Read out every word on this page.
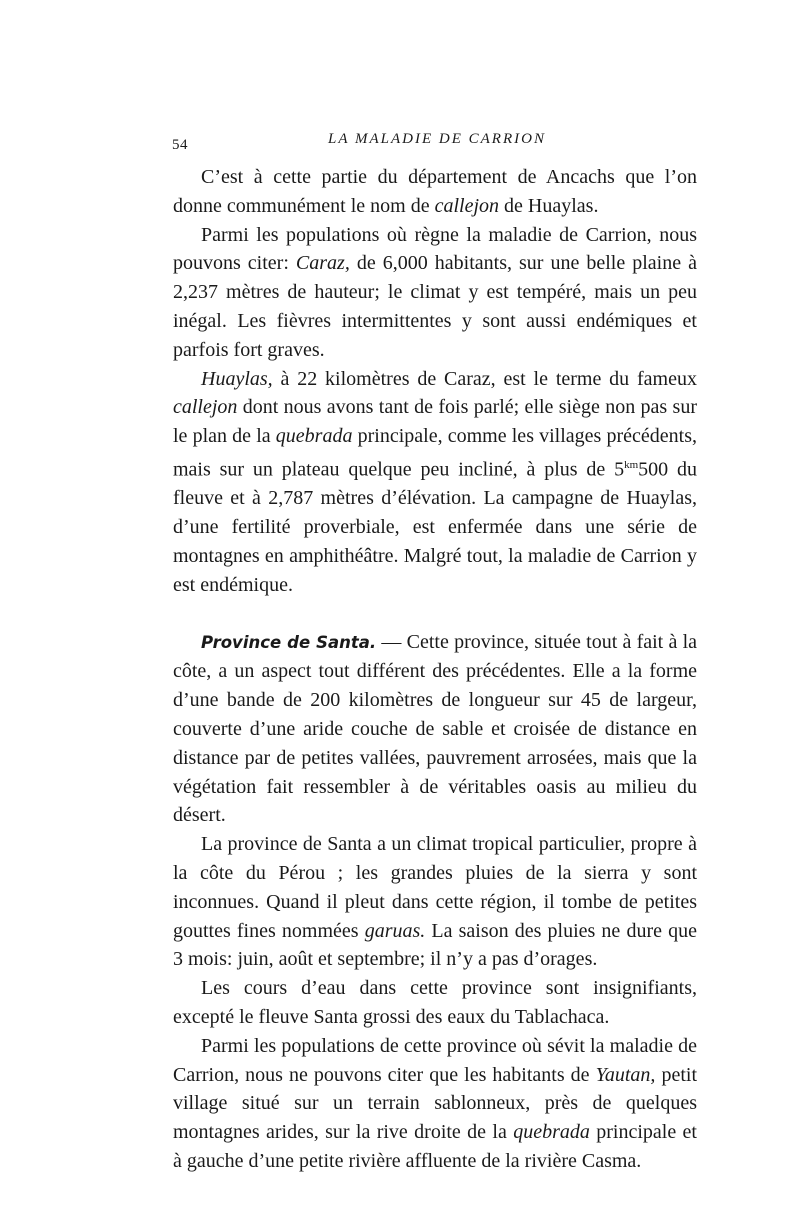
54	LA MALADIE DE CARRION

C’est à cette partie du département de Ancachs que l’on donne communément le nom de callejon de Huaylas.

Parmi les populations où règne la maladie de Carrion, nous pouvons citer: Caraz, de 6,000 habitants, sur une belle plaine à 2,237 mètres de hauteur; le climat y est tempéré, mais un peu inégal. Les fièvres intermittentes y sont aussi endémiques et parfois fort graves.

Huaylas, à 22 kilomètres de Caraz, est le terme du fameux callejon dont nous avons tant de fois parlé; elle siège non pas sur le plan de la quebrada principale, comme les villages précédents, mais sur un plateau quelque peu incliné, à plus de $5^{km}500$ du fleuve et à 2,787 mètres d’élévation. La campagne de Huaylas, d’une fertilité proverbiale, est enfermée dans une série de montagnes en amphithéâtre. Malgré tout, la maladie de Carrion y est endémique.

Province de Santa. — Cette province, située tout à fait à la côte, a un aspect tout différent des précédentes. Elle a la forme d’une bande de 200 kilomètres de longueur sur 45 de largeur, couverte d’une aride couche de sable et croisée de distance en distance par de petites vallées, pauvrement arrosées, mais que la végétation fait ressembler à de véritables oasis au milieu du désert.

La province de Santa a un climat tropical particulier, propre à la côte du Pérou ; les grandes pluies de la sierra y sont inconnues. Quand il pleut dans cette région, il tombe de petites gouttes fines nommées garuas. La saison des pluies ne dure que 3 mois: juin, août et septembre; il n’y a pas d’orages.

Les cours d’eau dans cette province sont insignifiants, excepté le fleuve Santa grossi des eaux du Tablachaca.

Parmi les populations de cette province où sévit la maladie de Carrion, nous ne pouvons citer que les habitants de Yautan, petit village situé sur un terrain sablonneux, près de quelques montagnes arides, sur la rive droite de la quebrada principale et à gauche d’une petite rivière affluente de la rivière Casma.
